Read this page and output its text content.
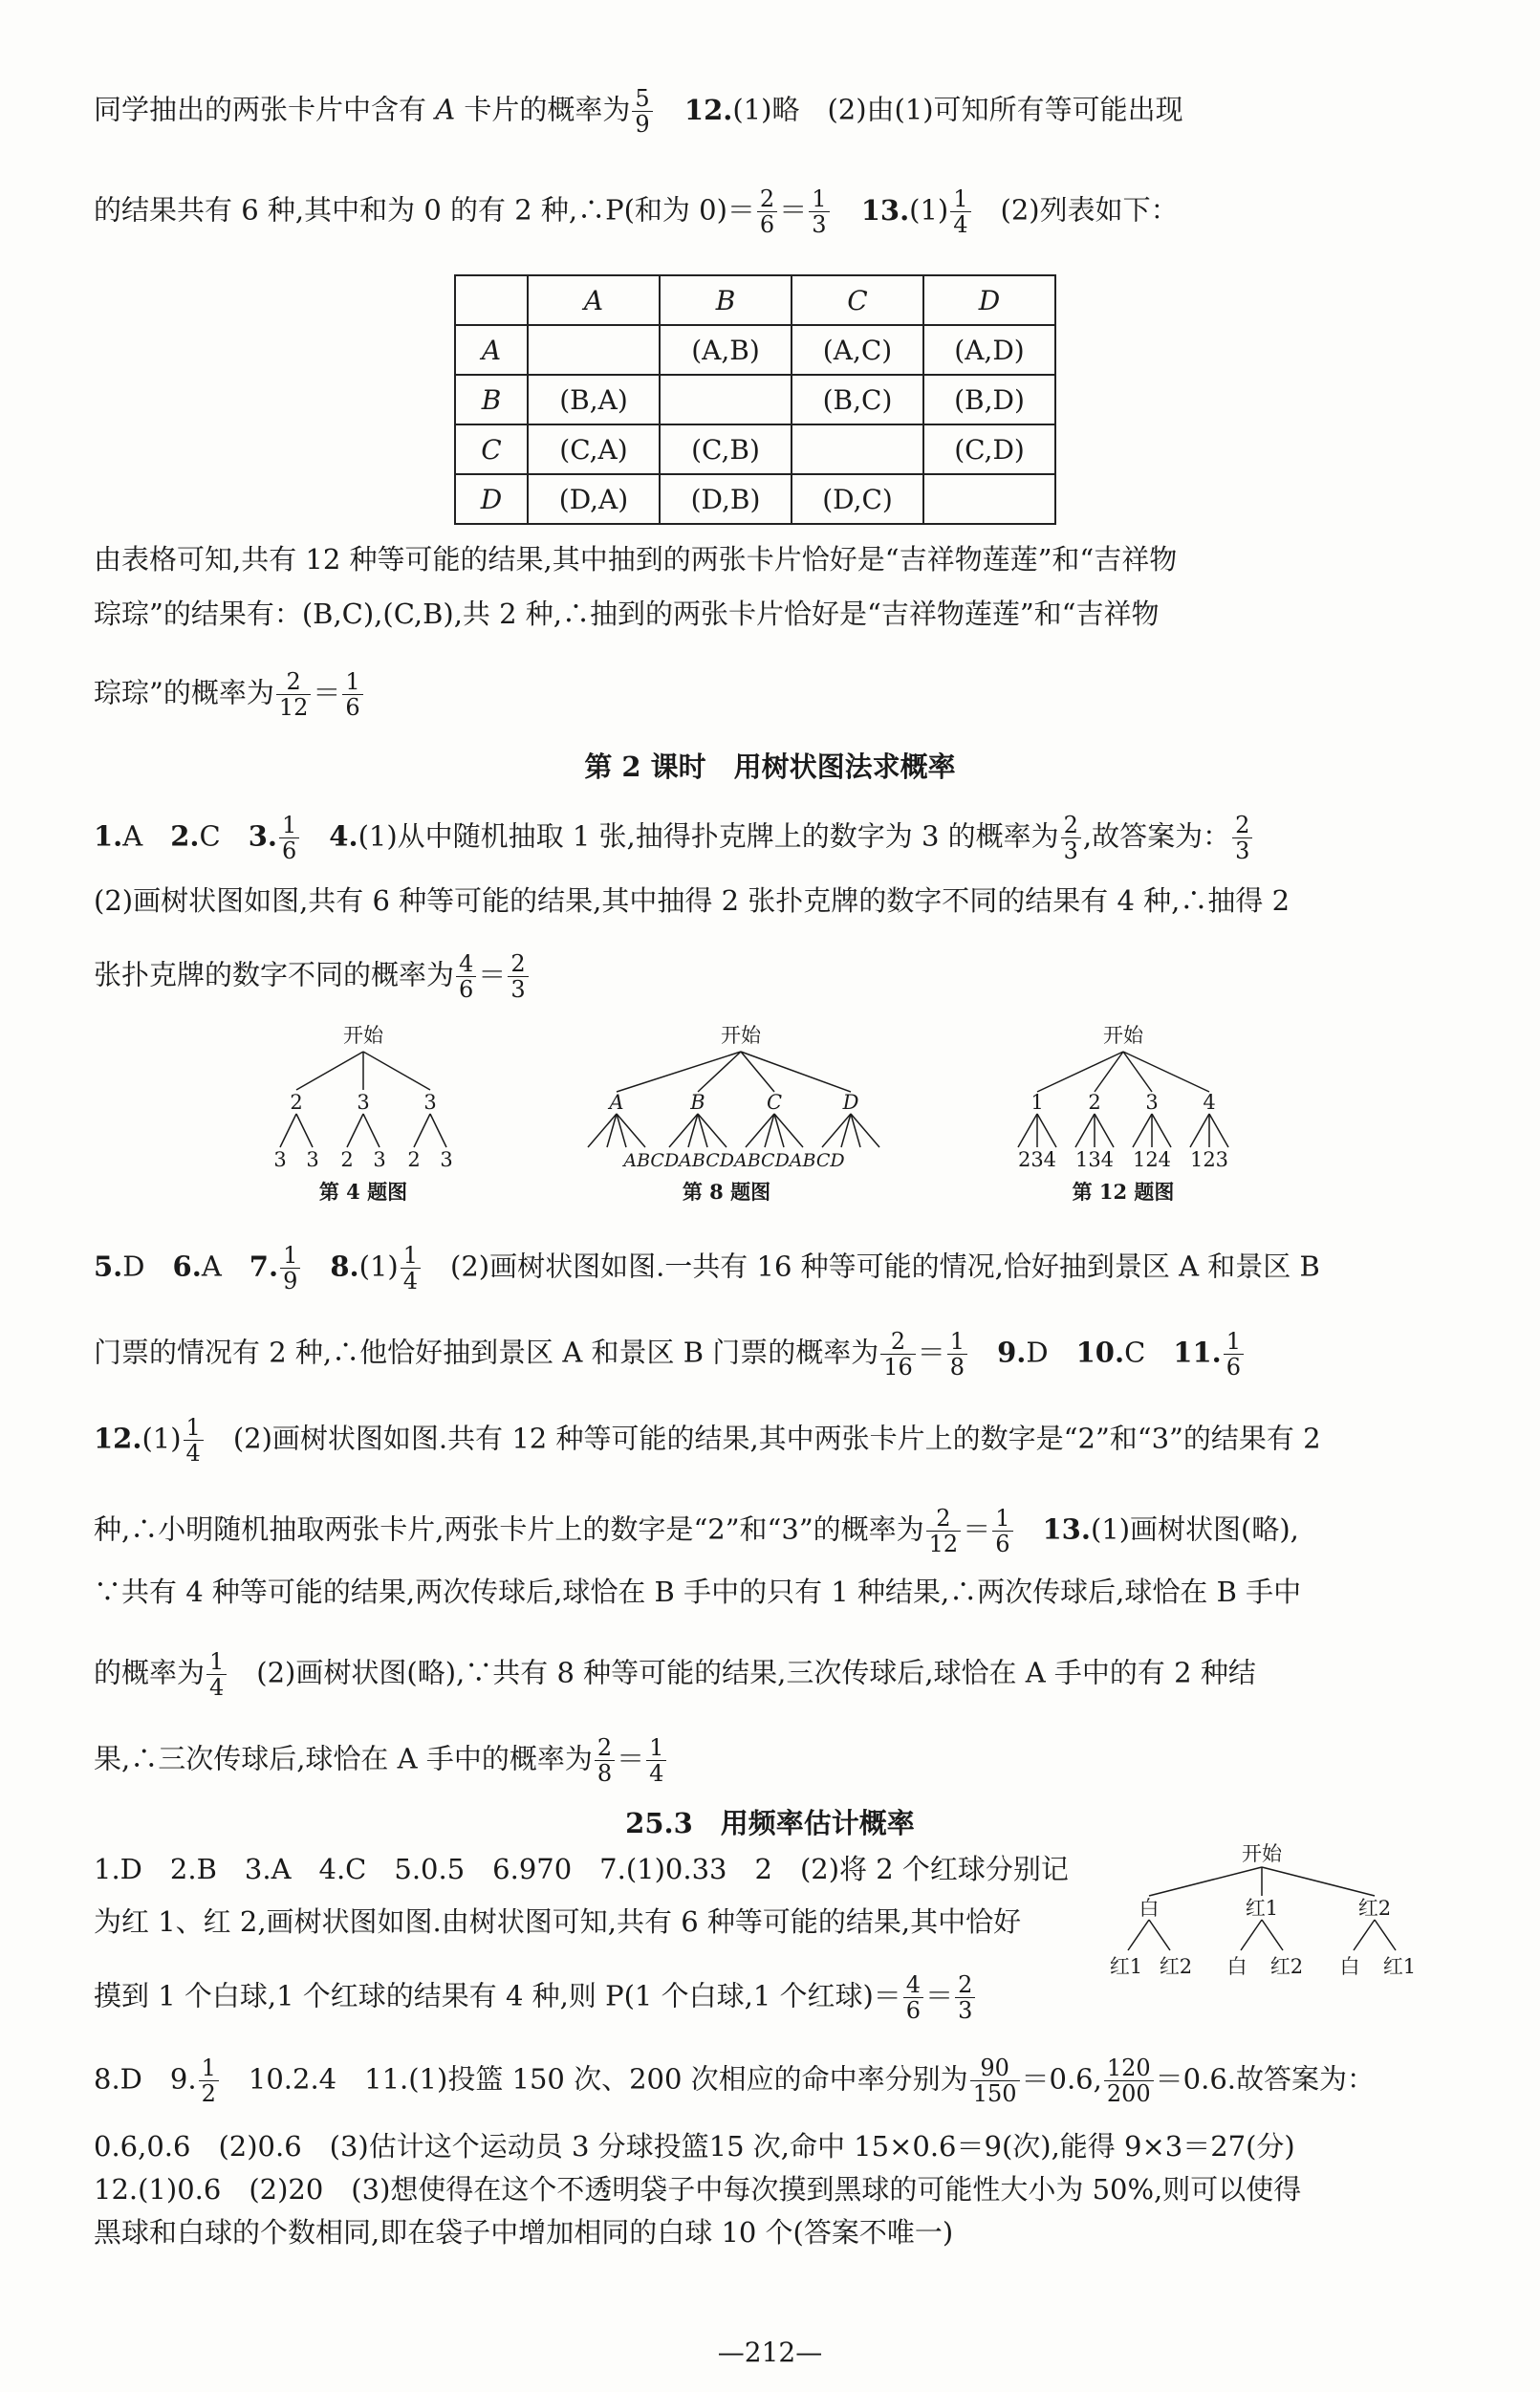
同学抽出的两张卡片中含有 A 卡片的概率为 $\frac{5}{9} 12.(1)$略　(2)由(1)可知所有等可能出现
的结果共有 6 种,其中和为 0 的有 2 种,∴P(和为 $0)= \frac{2}{6} = \frac{1}{3} 13.(1) \frac{1}{4}$ 　(2)列表如下：
	A	B	C	D
A		(A,B)	(A,C)	(A,D)
B	(B,A)		(B,C)	(B,D)
C	(C,A)	(C,B)		(C,D)
D	(D,A)	(D,B)	(D,C)	
由表格可知,共有 12 种等可能的结果,其中抽到的两张卡片恰好是“吉祥物莲莲”和“吉祥物
琮琮”的结果有：(B,C),(C,B),共 2 种,∴抽到的两张卡片恰好是“吉祥物莲莲”和“吉祥物
琮琮”的概率为 $\frac{2}{12} = \frac{1}{6}$
第 2 课时　用树状图法求概率
1.A　2.C　3. $\frac{1}{6}$ 　4.(1)从中随机抽取 1 张,抽得扑克牌上的数字为 3 的概率为 $\frac{2}{3}$ ,故答案为： $\frac{2}{3}$
(2)画树状图如图,共有 6 种等可能的结果,其中抽得 2 张扑克牌的数字不同的结果有 4 种,∴抽得 2
张扑克牌的数字不同的概率为 $\frac{4}{6} = \frac{2}{3}$
开始
2	3	3
3 3 2 3 2 3
第 4 题图
开始
A	B	C	D
ABCDABCDABCDABCD
第 8 题图
开始
1 2 3 4
234 134 124 123
第 12 题图
5.D　6.A　7. $\frac{1}{9}$ 　$8.(1) \frac{1}{4}$ 　(2)画树状图如图.一共有 16 种等可能的情况,恰好抽到景区 A 和景区 B
门票的情况有 2 种,∴他恰好抽到景区 A 和景区 B 门票的概率为 $\frac{2}{16} = \frac{1}{8}$ 　9.D　10.C　11. $\frac{1}{6}$
$12.(1) \frac{1}{4}$ 　(2)画树状图如图.共有 12 种等可能的结果,其中两张卡片上的数字是“2”和“3”的结果有 2
种,∴小明随机抽取两张卡片,两张卡片上的数字是“2”和“3”的概率为 $\frac{2}{12} = \frac{1}{6}$ 　13.(1)画树状图(略),
∵共有 4 种等可能的结果,两次传球后,球恰在 B 手中的只有 1 种结果,∴两次传球后,球恰在 B 手中
的概率为 $\frac{1}{4}$ 　(2)画树状图(略),∵共有 8 种等可能的结果,三次传球后,球恰在 A 手中的有 2 种结
果,∴三次传球后,球恰在 A 手中的概率为 $\frac{2}{8} = \frac{1}{4}$
25.3　用频率估计概率
1.D　2.B　3.A　4.C　5.0.5　6.970　7.(1)0.33　2　(2)将 2 个红球分别记
为红 1、红 2,画树状图如图.由树状图可知,共有 6 种等可能的结果,其中恰好
摸到 1 个白球,1 个红球的结果有 4 种,则 P(1 个白球,1 个红球)＝ $\frac{4}{6} = \frac{2}{3}$
开始
白	红1	红2
红1 红2 白 红2 白 红1
8.D　9. $\frac{1}{2}$ 　10.2.4　11.(1)投篮 150 次、200 次相应的命中率分别为 $\frac{90}{150} =0.6$, $\frac{120}{200} =0.6$.故答案为：
0.6,0.6　(2)0.6　(3)估计这个运动员 3 分球投篮15 次,命中 15×0.6＝9(次),能得 9×3＝27(分)
12.(1)0.6　(2)20　(3)想使得在这个不透明袋子中每次摸到黑球的可能性大小为 50%,则可以使得
黑球和白球的个数相同,即在袋子中增加相同的白球 10 个(答案不唯一)
—212—
